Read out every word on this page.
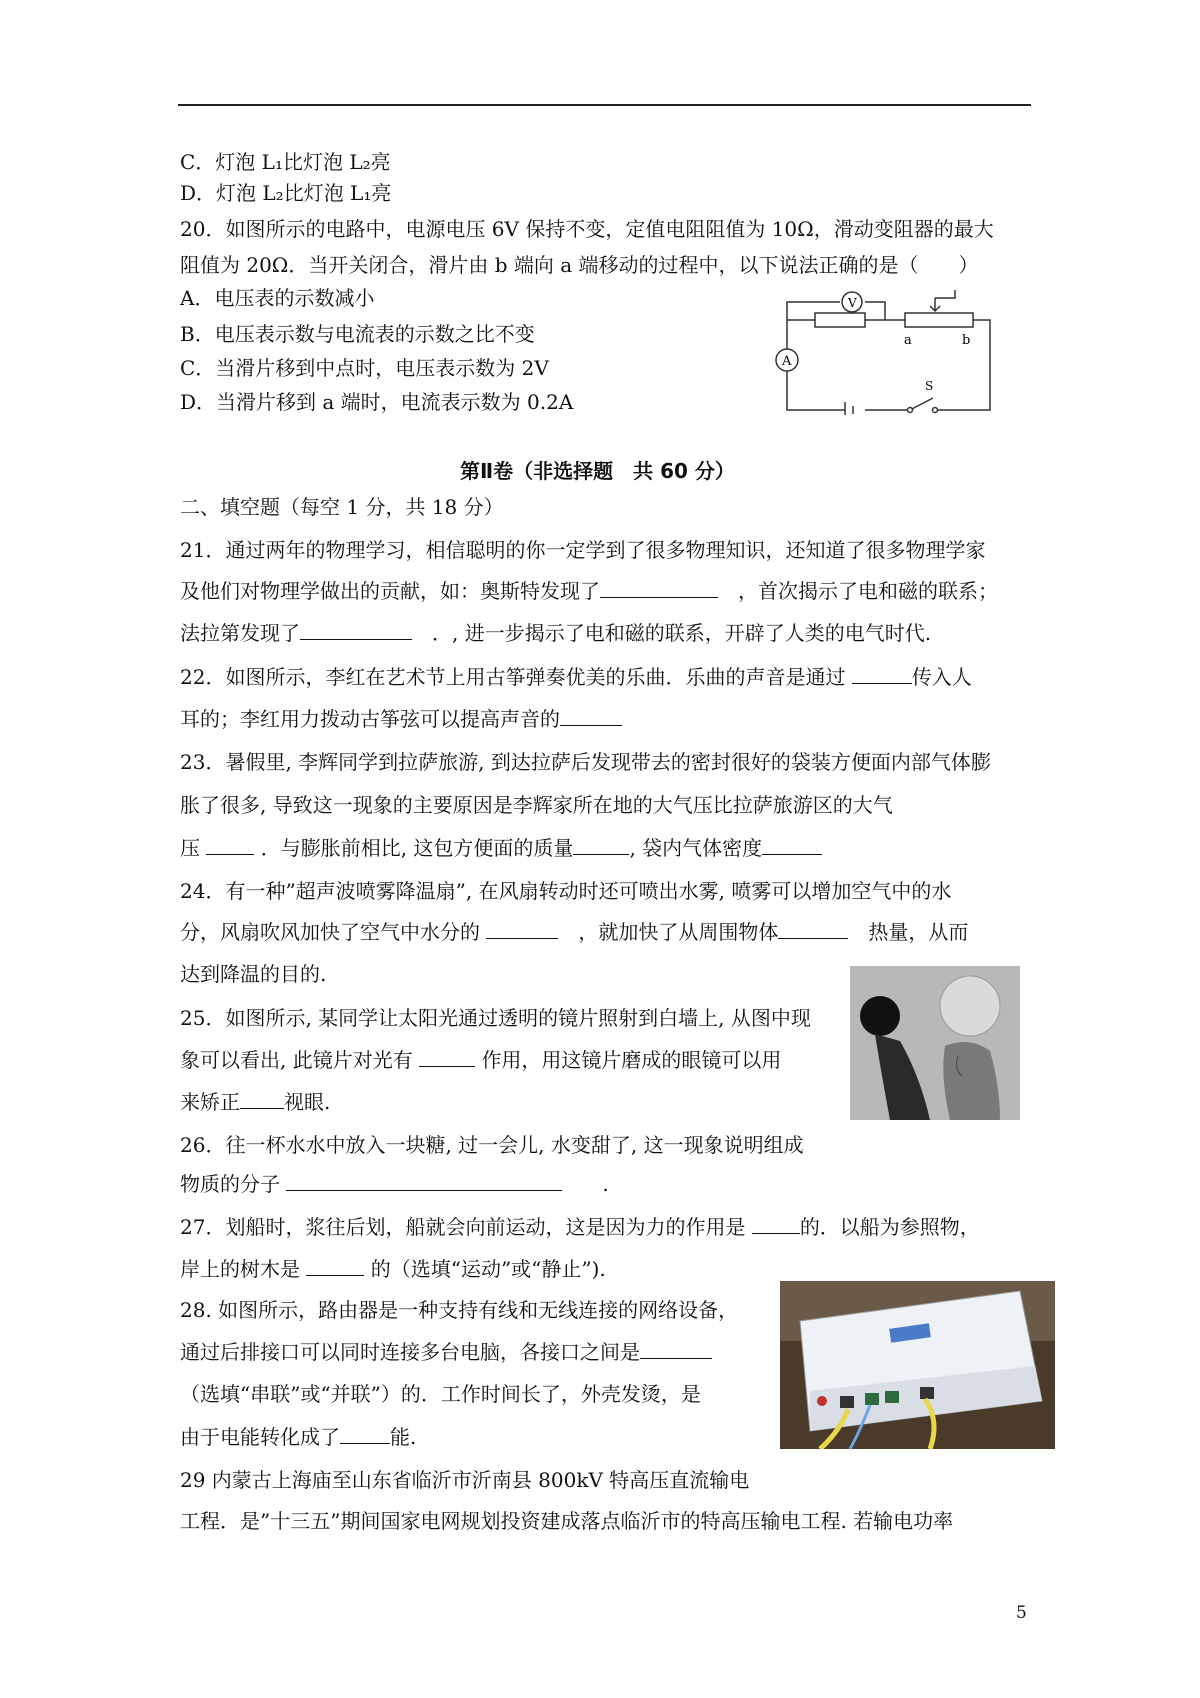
C．灯泡 L₁比灯泡 L₂亮
D．灯泡 L₂比灯泡 L₁亮
20．如图所示的电路中，电源电压 6V 保持不变，定值电阻阻值为 10Ω，滑动变阻器的最大
阻值为 20Ω．当开关闭合，滑片由 b 端向 a 端移动的过程中，以下说法正确的是（　　）
A．电压表的示数减小
B．电压表示数与电流表的示数之比不变
C．当滑片移到中点时，电压表示数为 2V
D．当滑片移到 a 端时，电流表示数为 0.2A
V
A
a	b
S
第Ⅱ卷（非选择题　共 60 分）
二、填空题（每空 1 分，共 18 分）
21．通过两年的物理学习，相信聪明的你一定学到了很多物理知识，还知道了很多物理学家
及他们对物理学做出的贡献，如：奥斯特发现了　	，首次揭示了电和磁的联系；
法拉第发现了　	．, 进一步揭示了电和磁的联系，开辟了人类的电气时代.
22．如图所示，李红在艺术节上用古筝弹奏优美的乐曲．乐曲的声音是通过	传入人
耳的；李红用力拨动古筝弦可以提高声音的
23．暑假里, 李辉同学到拉萨旅游, 到达拉萨后发现带去的密封很好的袋装方便面内部气体膨
胀了很多, 导致这一现象的主要原因是李辉家所在地的大气压比拉萨旅游区的大气
压	．与膨胀前相比, 这包方便面的质量	, 袋内气体密度
24．有一种”超声波喷雾降温扇”, 在风扇转动时还可喷出水雾, 喷雾可以增加空气中的水
分，风扇吹风加快了空气中水分的 　	，就加快了从周围物体　	热量，从而
达到降温的目的.
25．如图所示, 某同学让太阳光通过透明的镜片照射到白墙上, 从图中现
象可以看出, 此镜片对光有	作用，用这镜片磨成的眼镜可以用
来矫正 视眼.
26．往一杯水水中放入一块糖, 过一会儿, 水变甜了, 这一现象说明组成
物质的分子 　　	.
27．划船时，浆往后划，船就会向前运动，这是因为力的作用是	的．以船为参照物，
岸上的树木是	的（选填“运动”或“静止”).
28. 如图所示，路由器是一种支持有线和无线连接的网络设备，
通过后排接口可以同时连接多台电脑，各接口之间是
（选填“串联”或“并联”）的．工作时间长了，外壳发烫，是
由于电能转化成了	能.
29 内蒙古上海庙至山东省临沂市沂南县 800kV 特高压直流输电
工程．是”十三五”期间国家电网规划投资建成落点临沂市的特高压输电工程. 若输电功率
5
